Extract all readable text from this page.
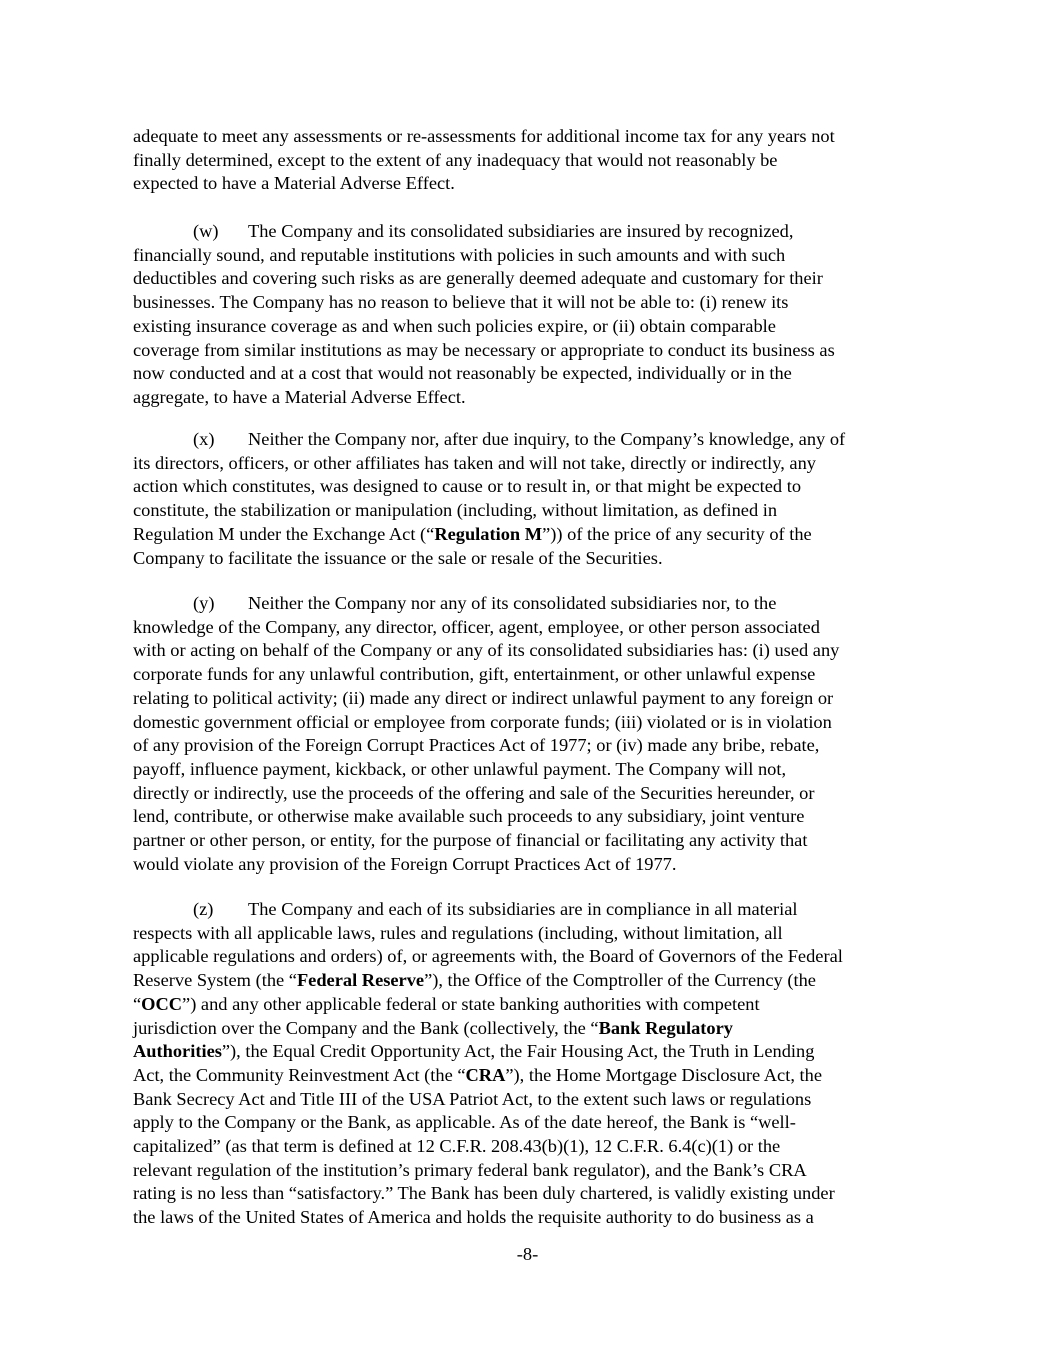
adequate to meet any assessments or re-assessments for additional income tax for any years not
finally determined, except to the extent of any inadequacy that would not reasonably be
expected to have a Material Adverse Effect.
(w) The Company and its consolidated subsidiaries are insured by recognized,
financially sound, and reputable institutions with policies in such amounts and with such
deductibles and covering such risks as are generally deemed adequate and customary for their
businesses. The Company has no reason to believe that it will not be able to: (i) renew its
existing insurance coverage as and when such policies expire, or (ii) obtain comparable
coverage from similar institutions as may be necessary or appropriate to conduct its business as
now conducted and at a cost that would not reasonably be expected, individually or in the
aggregate, to have a Material Adverse Effect.
(x) Neither the Company nor, after due inquiry, to the Company’s knowledge, any of
its directors, officers, or other affiliates has taken and will not take, directly or indirectly, any
action which constitutes, was designed to cause or to result in, or that might be expected to
constitute, the stabilization or manipulation (including, without limitation, as defined in
Regulation M under the Exchange Act (“Regulation M”)) of the price of any security of the
Company to facilitate the issuance or the sale or resale of the Securities.
(y) Neither the Company nor any of its consolidated subsidiaries nor, to the
knowledge of the Company, any director, officer, agent, employee, or other person associated
with or acting on behalf of the Company or any of its consolidated subsidiaries has: (i) used any
corporate funds for any unlawful contribution, gift, entertainment, or other unlawful expense
relating to political activity; (ii) made any direct or indirect unlawful payment to any foreign or
domestic government official or employee from corporate funds; (iii) violated or is in violation
of any provision of the Foreign Corrupt Practices Act of 1977; or (iv) made any bribe, rebate,
payoff, influence payment, kickback, or other unlawful payment. The Company will not,
directly or indirectly, use the proceeds of the offering and sale of the Securities hereunder, or
lend, contribute, or otherwise make available such proceeds to any subsidiary, joint venture
partner or other person, or entity, for the purpose of financial or facilitating any activity that
would violate any provision of the Foreign Corrupt Practices Act of 1977.
(z) The Company and each of its subsidiaries are in compliance in all material
respects with all applicable laws, rules and regulations (including, without limitation, all
applicable regulations and orders) of, or agreements with, the Board of Governors of the Federal
Reserve System (the “Federal Reserve”), the Office of the Comptroller of the Currency (the
“OCC”) and any other applicable federal or state banking authorities with competent
jurisdiction over the Company and the Bank (collectively, the “Bank Regulatory
Authorities”), the Equal Credit Opportunity Act, the Fair Housing Act, the Truth in Lending
Act, the Community Reinvestment Act (the “CRA”), the Home Mortgage Disclosure Act, the
Bank Secrecy Act and Title III of the USA Patriot Act, to the extent such laws or regulations
apply to the Company or the Bank, as applicable. As of the date hereof, the Bank is “well-
capitalized” (as that term is defined at 12 C.F.R. 208.43(b)(1), 12 C.F.R. 6.4(c)(1) or the
relevant regulation of the institution’s primary federal bank regulator), and the Bank’s CRA
rating is no less than “satisfactory.” The Bank has been duly chartered, is validly existing under
the laws of the United States of America and holds the requisite authority to do business as a
-8-
